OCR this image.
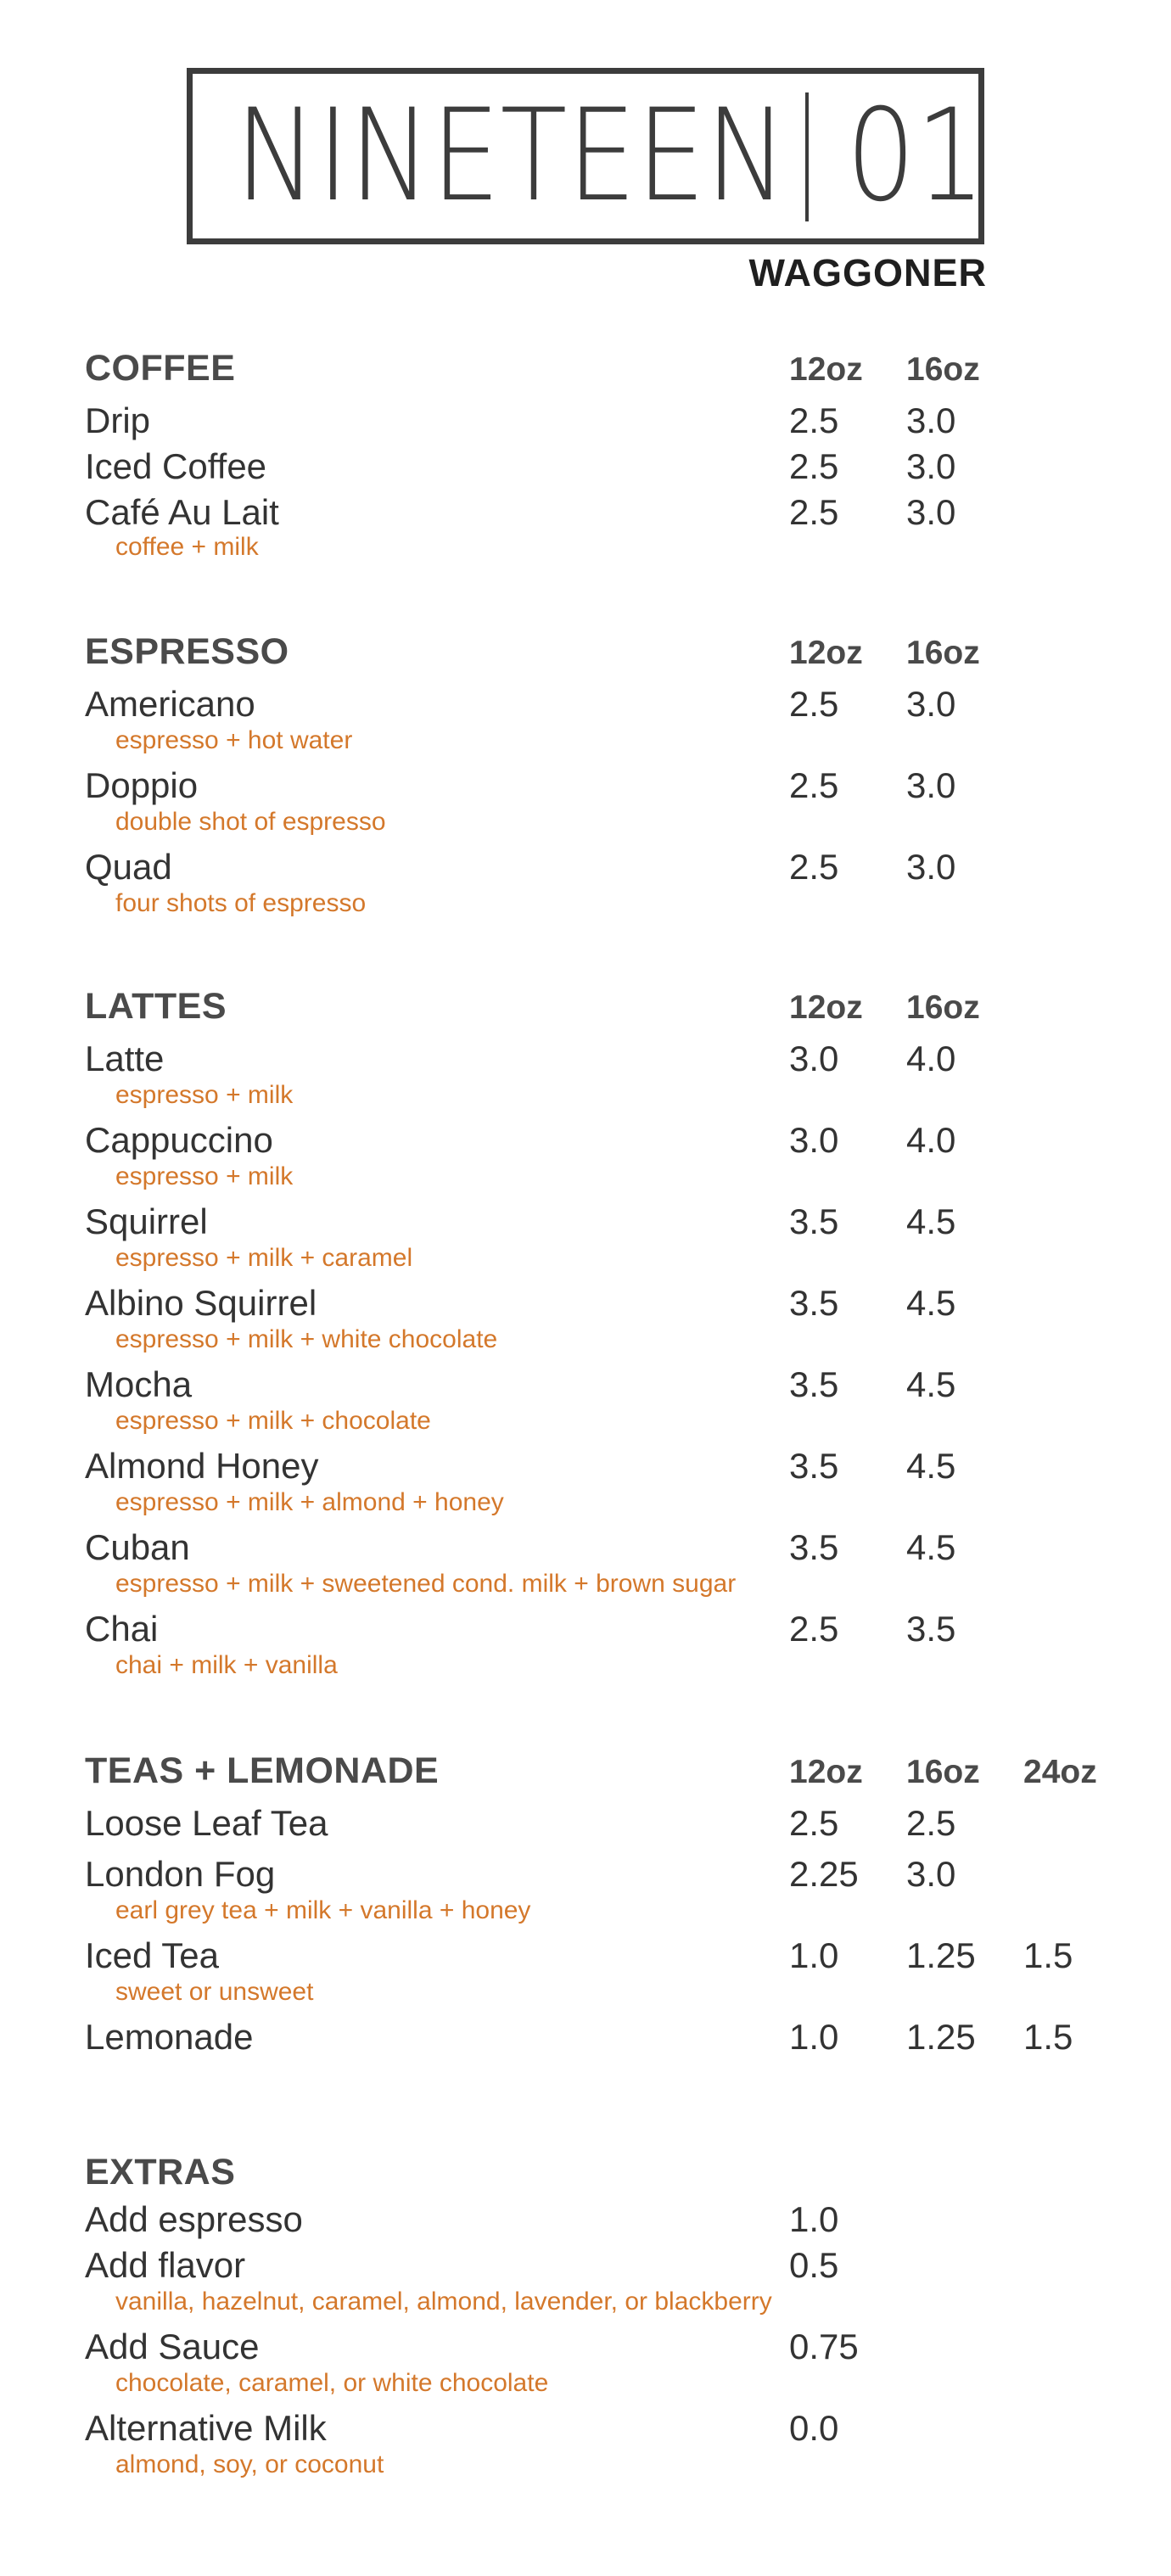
NINETEEN 01
WAGGONER
COFFEE	12oz 16oz
Drip	2.5 3.0
Iced Coffee	2.5 3.0
Café Au Lait	2.5 3.0
coffee + milk
ESPRESSO	12oz 16oz
Americano	2.5 3.0
espresso + hot water
Doppio	2.5 3.0
double shot of espresso
Quad	2.5 3.0
four shots of espresso
LATTES	12oz 16oz
Latte	3.0 4.0
espresso + milk
Cappuccino	3.0 4.0
espresso + milk
Squirrel	3.5 4.5
espresso + milk + caramel
Albino Squirrel	3.5 4.5
espresso + milk + white chocolate
Mocha	3.5 4.5
espresso + milk + chocolate
Almond Honey	3.5 4.5
espresso + milk + almond + honey
Cuban	3.5 4.5
espresso + milk + sweetened cond. milk + brown sugar
Chai	2.5 3.5
chai + milk + vanilla
TEAS + LEMONADE	12oz 16oz 24oz
Loose Leaf Tea	2.5 2.5
London Fog	2.25 3.0
earl grey tea + milk + vanilla + honey
Iced Tea	1.0 1.25 1.5
sweet or unsweet
Lemonade	1.0 1.25 1.5
EXTRAS
Add espresso	1.0
Add flavor	0.5
vanilla, hazelnut, caramel, almond, lavender, or blackberry
Add Sauce	0.75
chocolate, caramel, or white chocolate
Alternative Milk	0.0
almond, soy, or coconut
